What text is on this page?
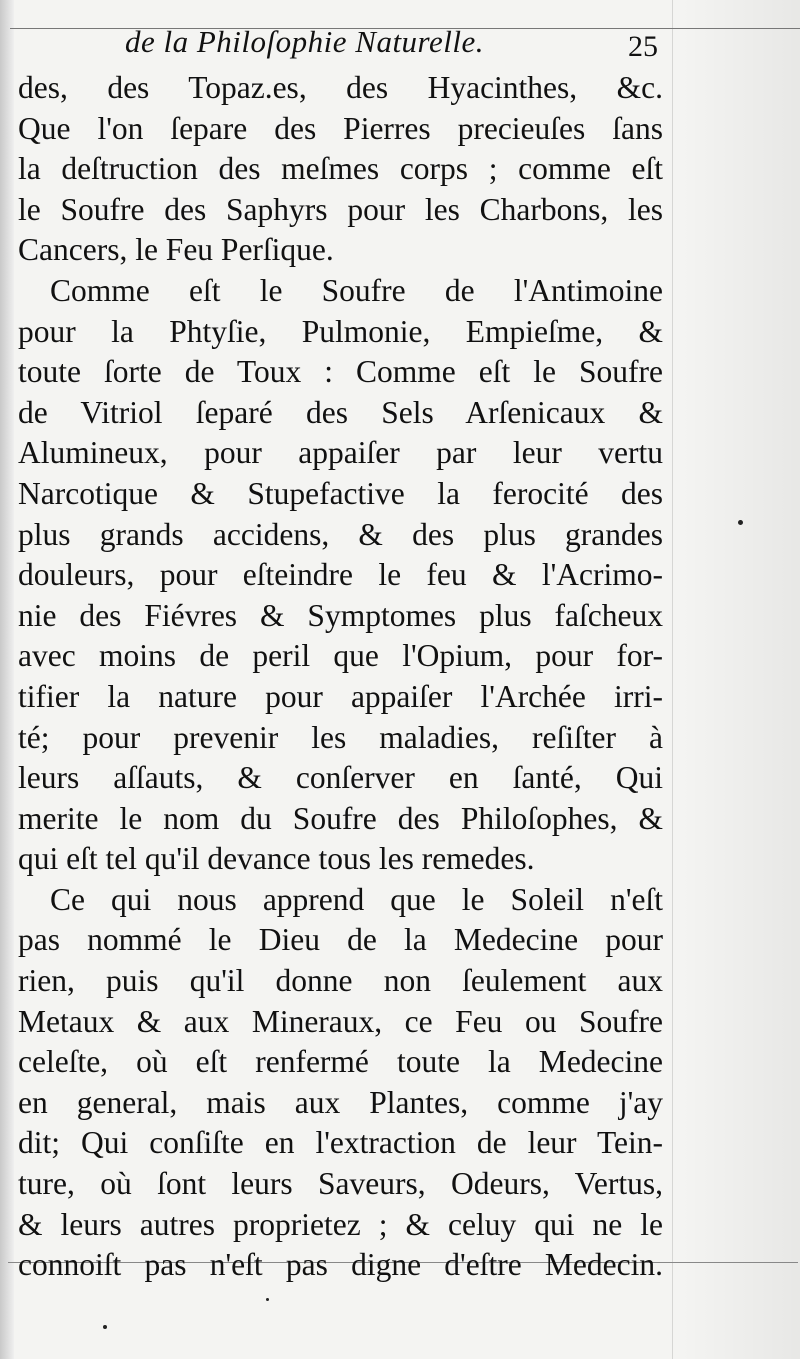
de la Philoſophie Naturelle.	25
des, des Topaz.es, des Hyacinthes, &c.
Que l'on ſepare des Pierres precieuſes ſans
la deſtruction des meſmes corps ; comme eſt
le Soufre des Saphyrs pour les Charbons, les
Cancers, le Feu Perſique.
Comme eſt le Soufre de l'Antimoine
pour la Phtyſie, Pulmonie, Empieſme, &
toute ſorte de Toux : Comme eſt le Soufre
de Vitriol ſeparé des Sels Arſenicaux &
Alumineux, pour appaiſer par leur vertu
Narcotique & Stupefactive la ferocité des
plus grands accidens, & des plus grandes
douleurs, pour eſteindre le feu & l'Acrimo-
nie des Fiévres & Symptomes plus faſcheux
avec moins de peril que l'Opium, pour for-
tifier la nature pour appaiſer l'Archée irri-
té; pour prevenir les maladies, reſiſter à
leurs aſſauts, & conſerver en ſanté, Qui
merite le nom du Soufre des Philoſophes, &
qui eſt tel qu'il devance tous les remedes.
Ce qui nous apprend que le Soleil n'eſt
pas nommé le Dieu de la Medecine pour
rien, puis qu'il donne non ſeulement aux
Metaux & aux Mineraux, ce Feu ou Soufre
celeſte, où eſt renfermé toute la Medecine
en general, mais aux Plantes, comme j'ay
dit; Qui conſiſte en l'extraction de leur Tein-
ture, où ſont leurs Saveurs, Odeurs, Vertus,
& leurs autres proprietez ; & celuy qui ne le
connoiſt pas n'eſt pas digne d'eſtre Medecin.
